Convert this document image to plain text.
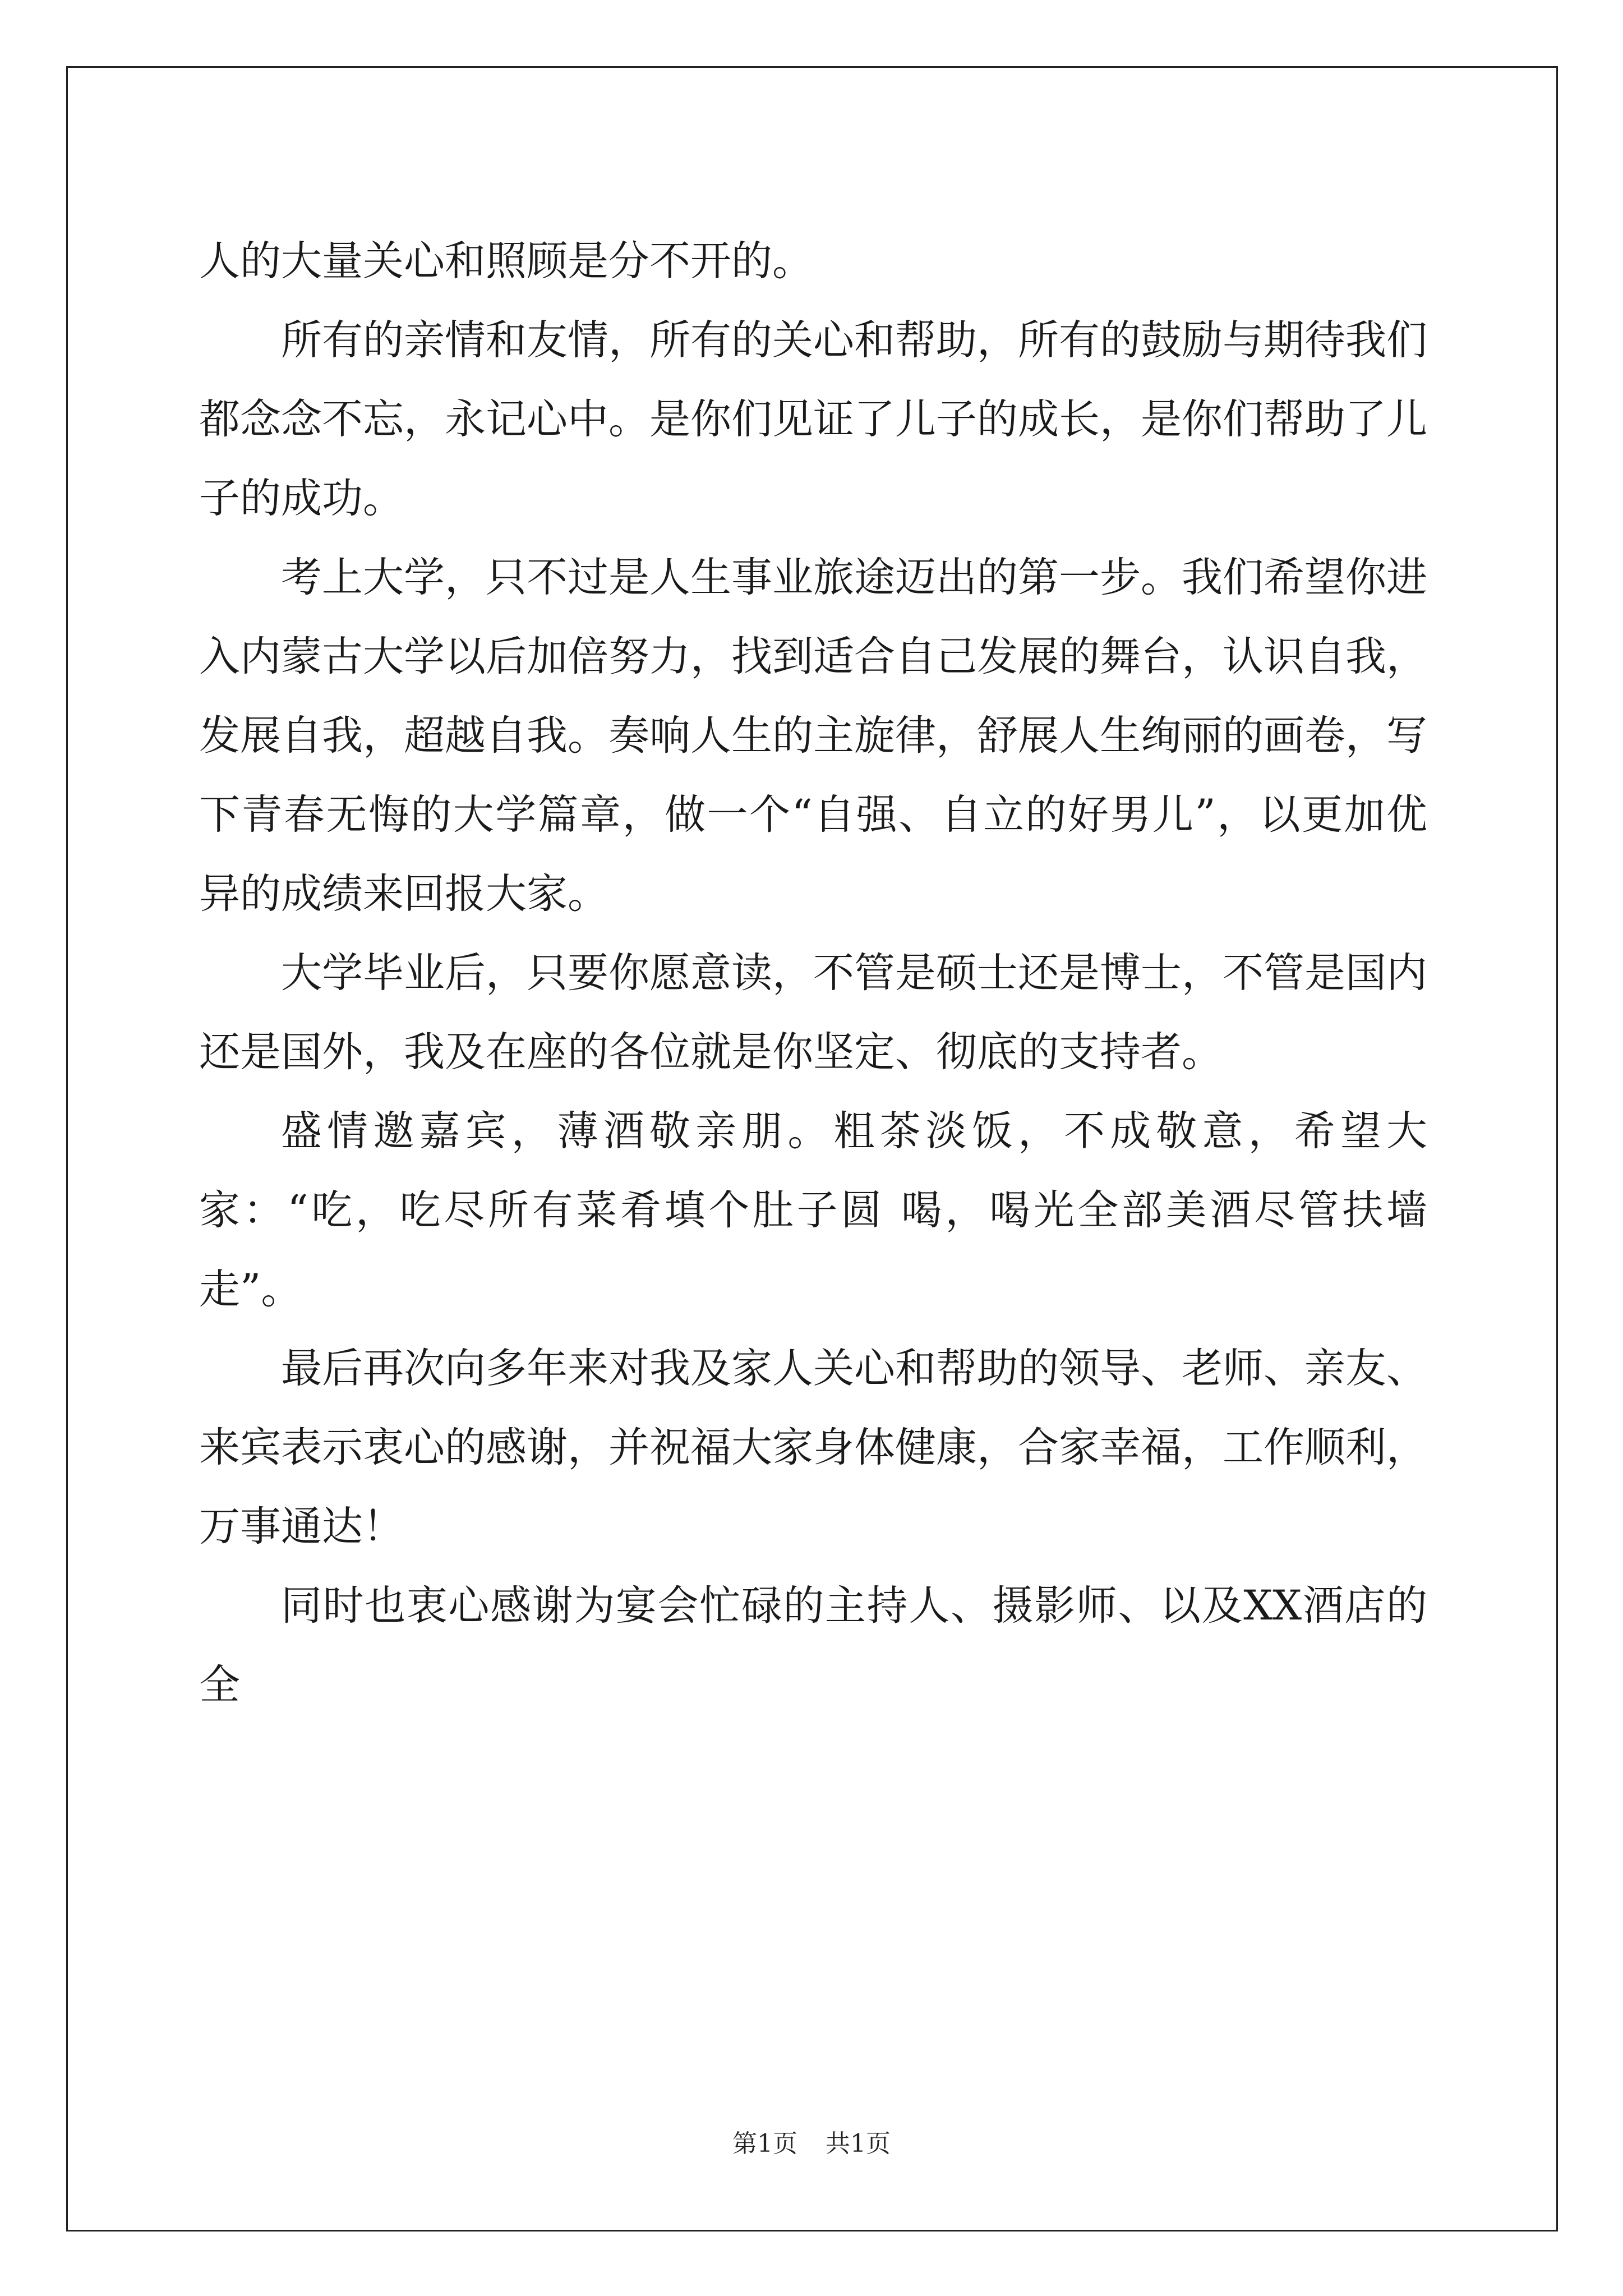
人的大量关心和照顾是分不开的。

所有的亲情和友情，所有的关心和帮助，所有的鼓励与期待我们都念念不忘，永记心中。是你们见证了儿子的成长，是你们帮助了儿子的成功。

考上大学，只不过是人生事业旅途迈出的第一步。我们希望你进入内蒙古大学以后加倍努力，找到适合自己发展的舞台，认识自我，发展自我，超越自我。奏响人生的主旋律，舒展人生绚丽的画卷，写下青春无悔的大学篇章，做一个“自强、自立的好男儿”，以更加优异的成绩来回报大家。

大学毕业后，只要你愿意读，不管是硕士还是博士，不管是国内还是国外，我及在座的各位就是你坚定、彻底的支持者。

盛情邀嘉宾，薄酒敬亲朋。粗茶淡饭，不成敬意，希望大家：“吃，吃尽所有菜肴填个肚子圆 喝，喝光全部美酒尽管扶墙走”。

最后再次向多年来对我及家人关心和帮助的领导、老师、亲友、来宾表示衷心的感谢，并祝福大家身体健康，合家幸福，工作顺利，万事通达！

同时也衷心感谢为宴会忙碌的主持人、摄影师、以及XX酒店的全

第1页 共1页
